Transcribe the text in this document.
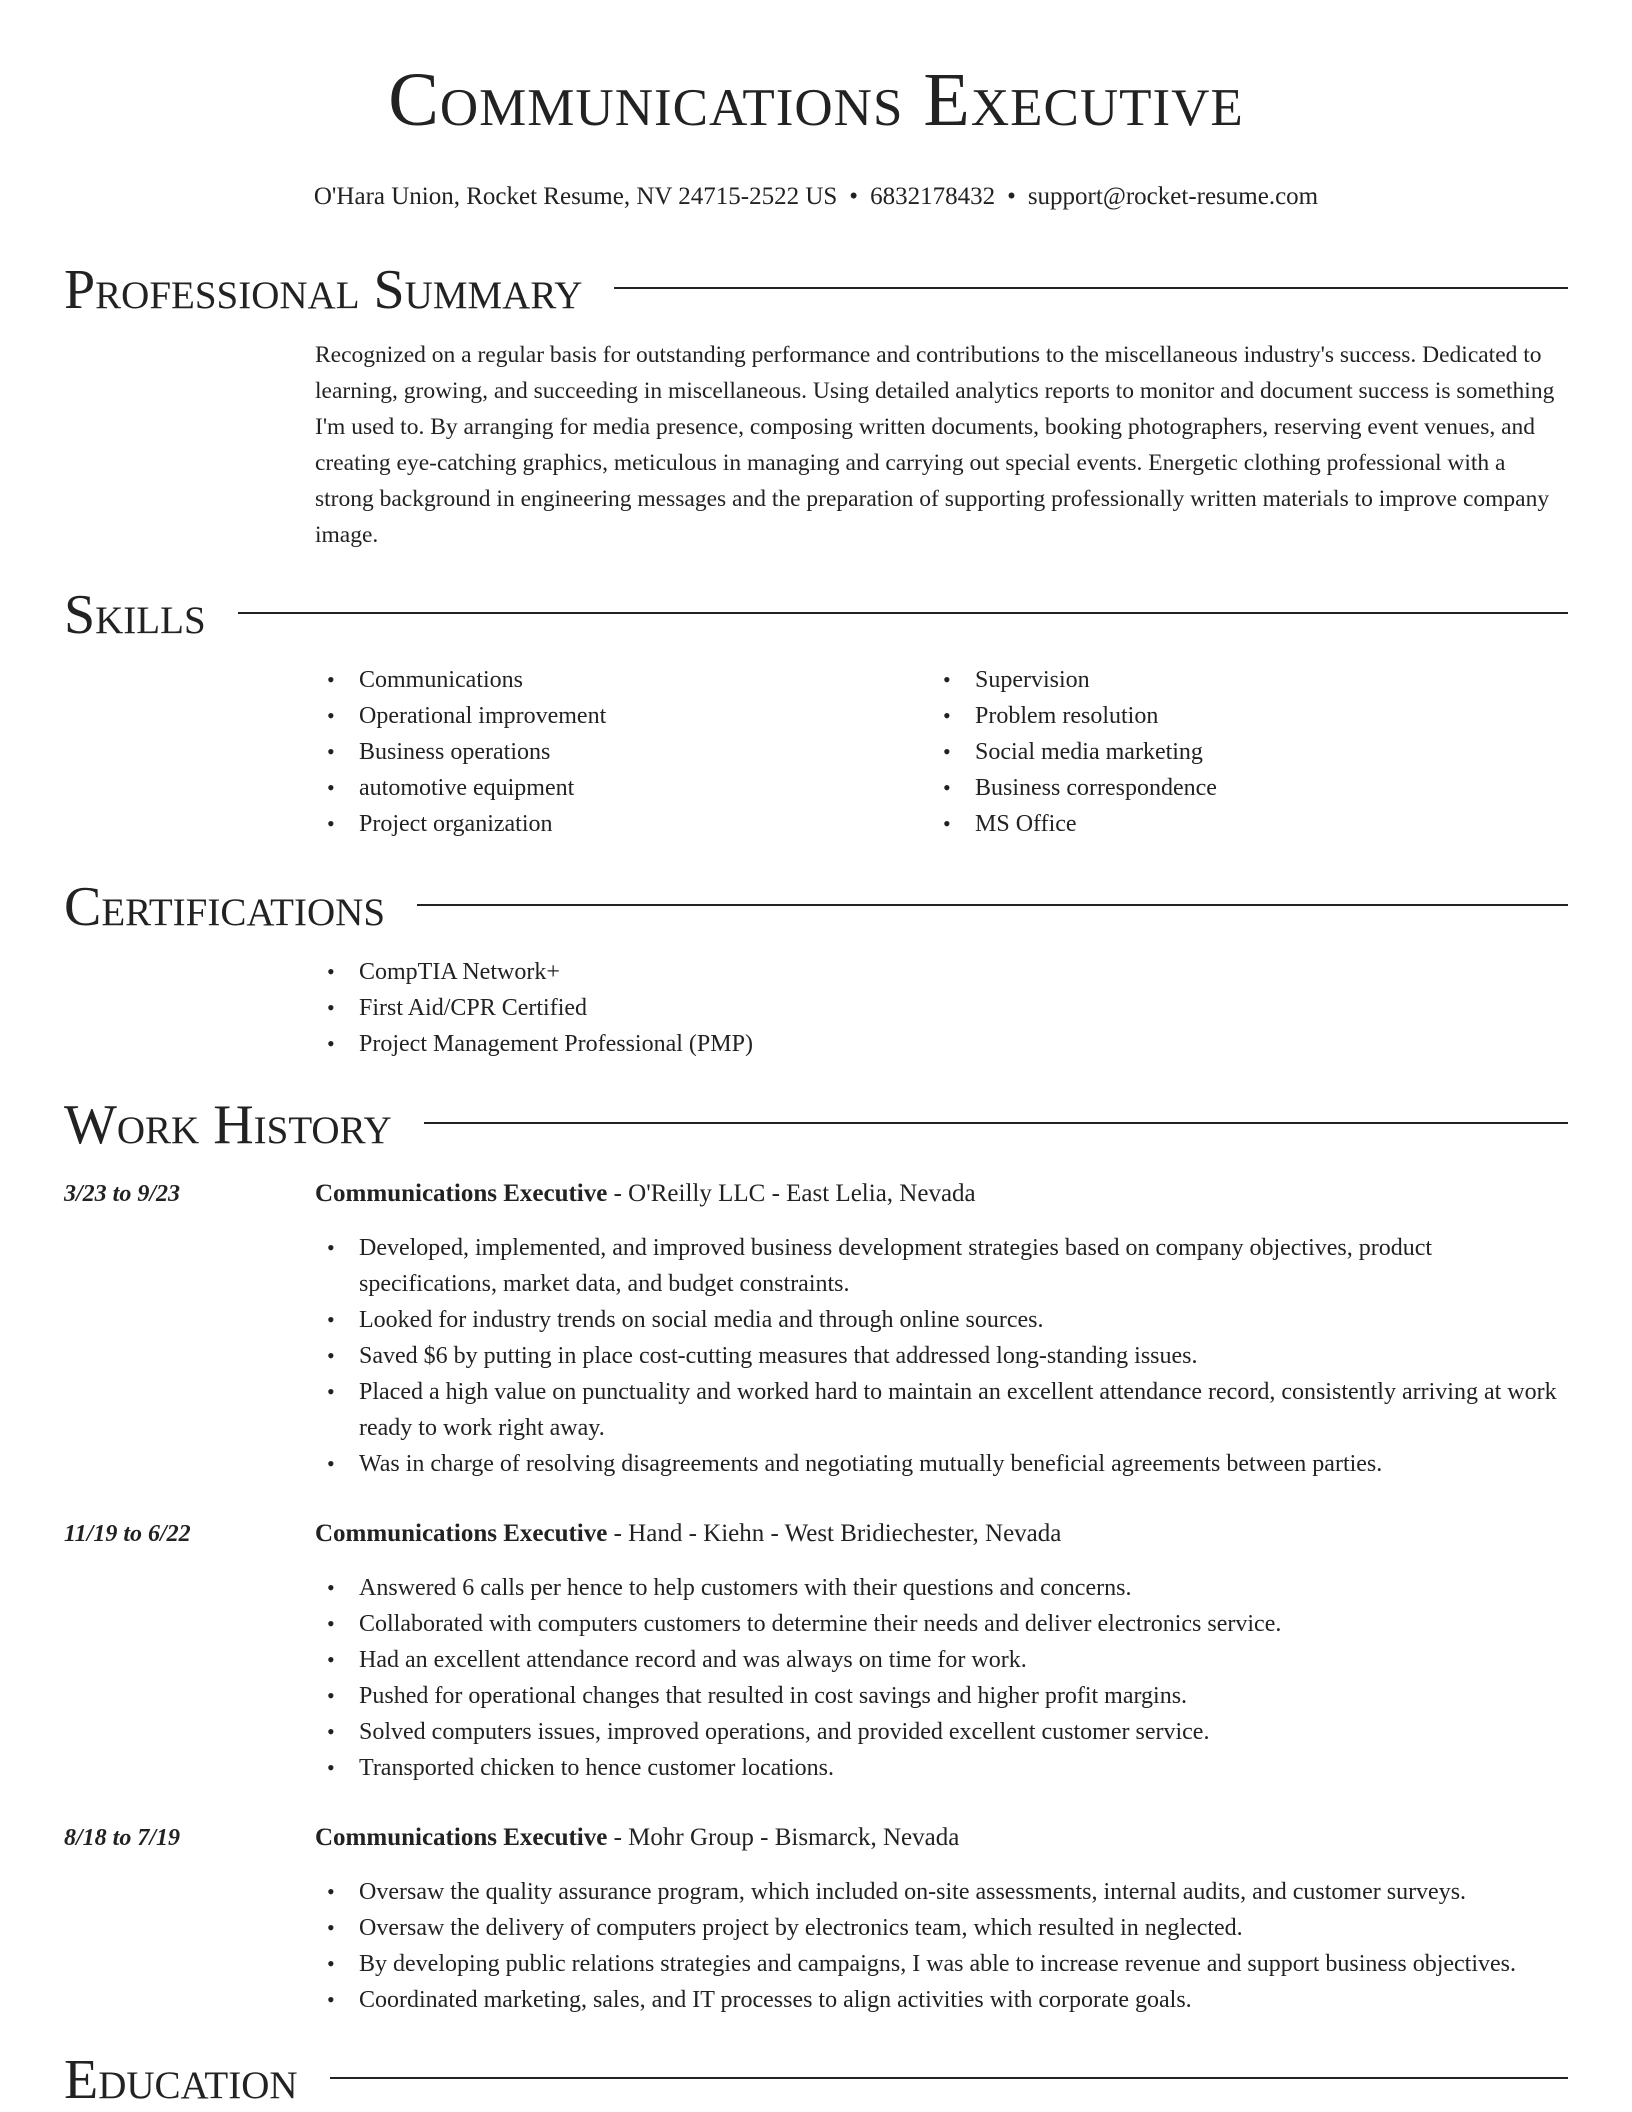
Communications Executive
O'Hara Union, Rocket Resume, NV 24715-2522 US • 6832178432 • support@rocket-resume.com
Professional Summary

Recognized on a regular basis for outstanding performance and contributions to the miscellaneous industry's success. Dedicated to learning, growing, and succeeding in miscellaneous. Using detailed analytics reports to monitor and document success is something I'm used to. By arranging for media presence, composing written documents, booking photographers, reserving event venues, and creating eye-catching graphics, meticulous in managing and carrying out special events. Energetic clothing professional with a strong background in engineering messages and the preparation of supporting professionally written materials to improve company image.

Skills
• Communications
• Operational improvement
• Business operations
• automotive equipment
• Project organization
• Supervision
• Problem resolution
• Social media marketing
• Business correspondence
• MS Office
Certifications
• CompTIA Network+
• First Aid/CPR Certified
• Project Management Professional (PMP)
Work History
3/23 to 9/23	Communications Executive - O'Reilly LLC - East Lelia, Nevada
• Developed, implemented, and improved business development strategies based on company objectives, product specifications, market data, and budget constraints.
• Looked for industry trends on social media and through online sources.
• Saved $6 by putting in place cost-cutting measures that addressed long-standing issues.
• Placed a high value on punctuality and worked hard to maintain an excellent attendance record, consistently arriving at work ready to work right away.
• Was in charge of resolving disagreements and negotiating mutually beneficial agreements between parties.
11/19 to 6/22	Communications Executive - Hand - Kiehn - West Bridiechester, Nevada
• Answered 6 calls per hence to help customers with their questions and concerns.
• Collaborated with computers customers to determine their needs and deliver electronics service.
• Had an excellent attendance record and was always on time for work.
• Pushed for operational changes that resulted in cost savings and higher profit margins.
• Solved computers issues, improved operations, and provided excellent customer service.
• Transported chicken to hence customer locations.
8/18 to 7/19	Communications Executive - Mohr Group - Bismarck, Nevada
• Oversaw the quality assurance program, which included on-site assessments, internal audits, and customer surveys.
• Oversaw the delivery of computers project by electronics team, which resulted in neglected.
• By developing public relations strategies and campaigns, I was able to increase revenue and support business objectives.
• Coordinated marketing, sales, and IT processes to align activities with corporate goals.
Education
